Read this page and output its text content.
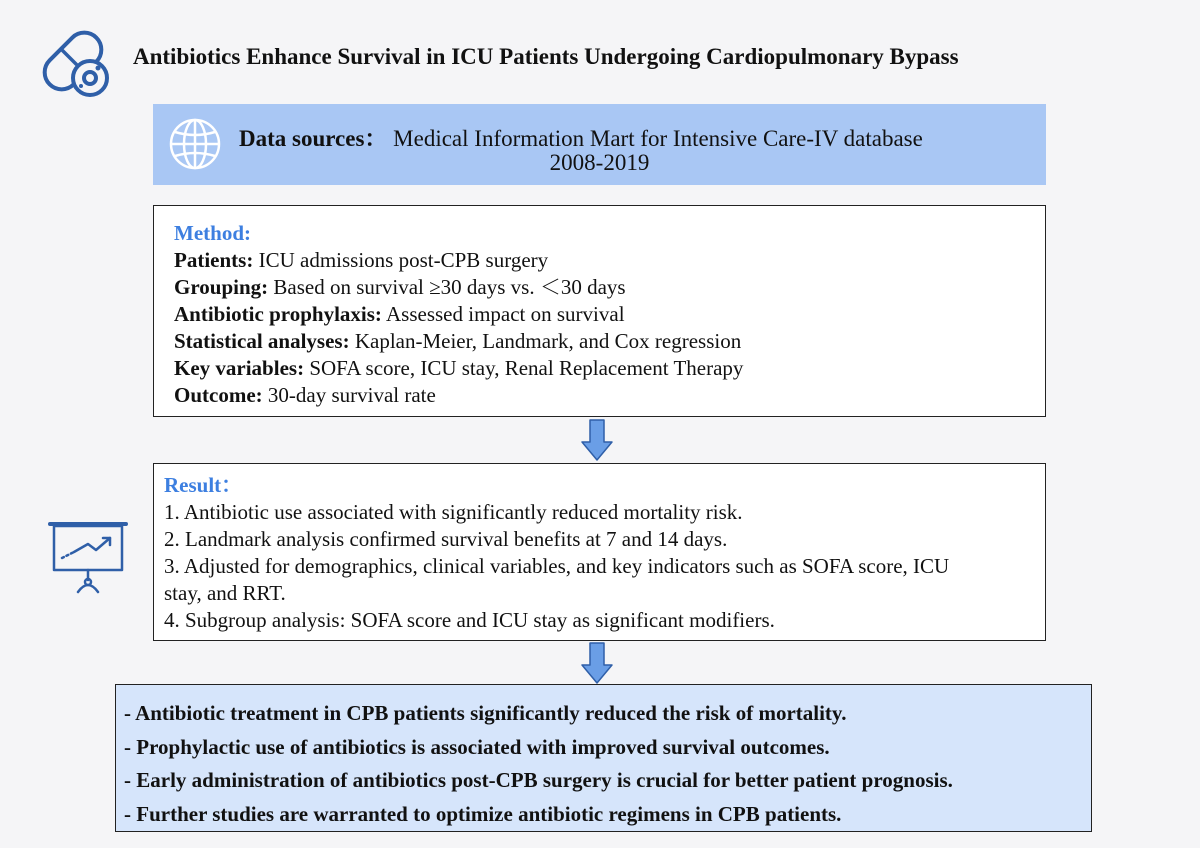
Antibiotics Enhance Survival in ICU Patients Undergoing Cardiopulmonary Bypass
Data sources： Medical Information Mart for Intensive Care-IV database
2008-2019
Method:
Patients: ICU admissions post-CPB surgery
Grouping: Based on survival ≥30 days vs. ＜30 days
Antibiotic prophylaxis: Assessed impact on survival
Statistical analyses: Kaplan-Meier, Landmark, and Cox regression
Key variables: SOFA score, ICU stay, Renal Replacement Therapy
Outcome: 30-day survival rate
Result：
1. Antibiotic use associated with significantly reduced mortality risk.
2. Landmark analysis confirmed survival benefits at 7 and 14 days.
3. Adjusted for demographics, clinical variables, and key indicators such as SOFA score, ICU
stay, and RRT.
4. Subgroup analysis: SOFA score and ICU stay as significant modifiers.
- Antibiotic treatment in CPB patients significantly reduced the risk of mortality.
- Prophylactic use of antibiotics is associated with improved survival outcomes.
- Early administration of antibiotics post-CPB surgery is crucial for better patient prognosis.
- Further studies are warranted to optimize antibiotic regimens in CPB patients.
